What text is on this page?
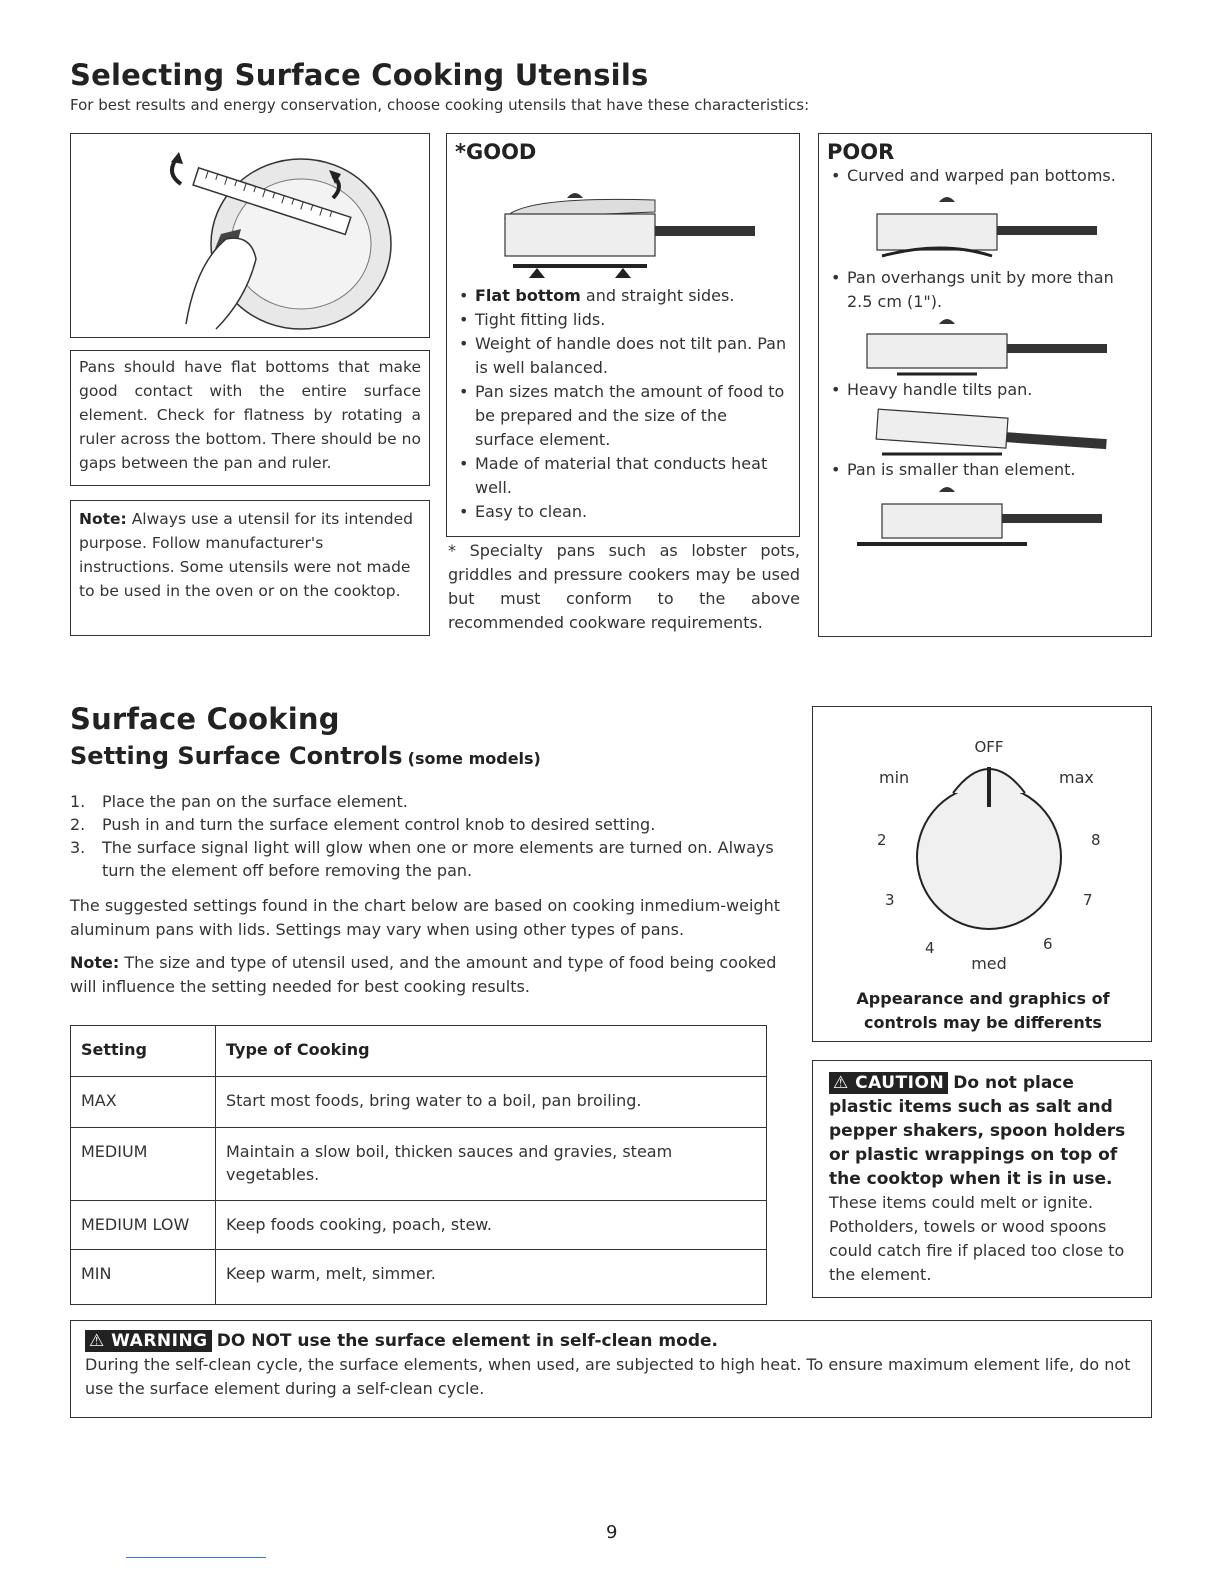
Selecting Surface Cooking Utensils
For best results and energy conservation, choose cooking utensils that have these characteristics:
Pans should have flat bottoms that make good contact with the entire surface element. Check for flatness by rotating a ruler across the bottom. There should be no gaps between the pan and ruler.
Note: Always use a utensil for its intended purpose. Follow manufacturer's instructions. Some utensils were not made to be used in the oven or on the cooktop.
*GOOD
• Flat bottom and straight sides.
• Tight fitting lids.
• Weight of handle does not tilt pan. Pan is well balanced.
• Pan sizes match the amount of food to be prepared and the size of the surface element.
• Made of material that conducts heat well.
• Easy to clean.
* Specialty pans such as lobster pots, griddles and pressure cookers may be used but must conform to the above recommended cookware requirements.
POOR
• Curved and warped pan bottoms.
• Pan overhangs unit by more than 2.5 cm (1").
• Heavy handle tilts pan.
• Pan is smaller than element.
Surface Cooking
Setting Surface Controls (some models)
1. Place the pan on the surface element.
2. Push in and turn the surface element control knob to desired setting.
3. The surface signal light will glow when one or more elements are turned on. Always turn the element off before removing the pan.
The suggested settings found in the chart below are based on cooking inmedium-weight aluminum pans with lids. Settings may vary when using other types of pans.
Note: The size and type of utensil used, and the amount and type of food being cooked will influence the setting needed for best cooking results.
Setting	Type of Cooking
MAX	Start most foods, bring water to a boil, pan broiling.
MEDIUM	Maintain a slow boil, thicken sauces and gravies, steam vegetables.
MEDIUM LOW	Keep foods cooking, poach, stew.
MIN	Keep warm, melt, simmer.
OFF
min	max
2	8
3	7
4	6
med
Appearance and graphics of controls may be differents
⚠ CAUTION Do not place plastic items such as salt and pepper shakers, spoon holders or plastic wrappings on top of the cooktop when it is in use. These items could melt or ignite. Potholders, towels or wood spoons could catch fire if placed too close to the element.
⚠ WARNING DO NOT use the surface element in self-clean mode.
During the self-clean cycle, the surface elements, when used, are subjected to high heat. To ensure maximum element life, do not use the surface element during a self-clean cycle.
9
